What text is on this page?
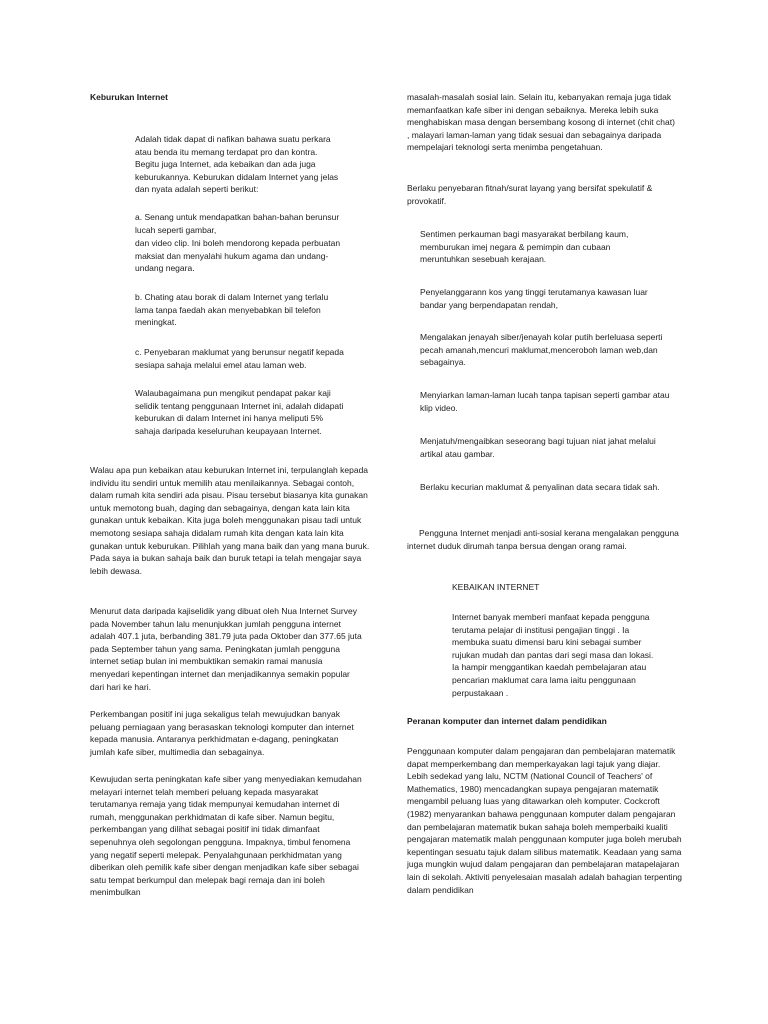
Keburukan Internet

Adalah tidak dapat di nafikan bahawa suatu perkara atau benda itu memang terdapat pro dan kontra. Begitu juga Internet, ada kebaikan dan ada juga keburukannya. Keburukan didalam Internet yang jelas dan nyata adalah seperti berikut:

a. Senang untuk mendapatkan bahan-bahan berunsur lucah seperti gambar,

dan video clip. Ini boleh mendorong kepada perbuatan maksiat dan menyalahi hukum agama dan undang-undang negara.

b. Chating atau borak di dalam Internet yang terlalu lama tanpa faedah akan menyebabkan bil telefon meningkat.

c. Penyebaran maklumat yang berunsur negatif kepada sesiapa sahaja melalui emel atau laman web.

Walaubagaimana pun mengikut pendapat pakar kaji selidik tentang penggunaan Internet ini, adalah didapati keburukan di dalam Internet ini hanya meliputi 5% sahaja daripada keseluruhan keupayaan Internet.

Walau apa pun kebaikan atau keburukan Internet ini, terpulanglah kepada individu itu sendiri untuk memilih atau menilaikannya. Sebagai contoh, dalam rumah kita sendiri ada pisau. Pisau tersebut biasanya kita gunakan untuk memotong buah, daging dan sebagainya, dengan kata lain kita gunakan untuk kebaikan. Kita juga boleh menggunakan pisau tadi untuk memotong sesiapa sahaja didalam rumah kita dengan kata lain kita gunakan untuk keburukan. Pilihlah yang mana baik dan yang mana buruk. Pada saya ia bukan sahaja baik dan buruk tetapi ia telah mengajar saya lebih dewasa.

Menurut data daripada kajiselidik yang dibuat oleh Nua Internet Survey pada November tahun lalu menunjukkan jumlah pengguna internet adalah 407.1 juta, berbanding 381.79 juta pada Oktober dan 377.65 juta pada September tahun yang sama. Peningkatan jumlah pengguna internet setiap bulan ini membuktikan semakin ramai manusia menyedari kepentingan internet dan menjadikannya semakin popular dari hari ke hari.

Perkembangan positif ini juga sekaligus telah mewujudkan banyak peluang perniagaan yang berasaskan teknologi komputer dan internet kepada manusia. Antaranya perkhidmatan e-dagang, peningkatan jumlah kafe siber, multimedia dan sebagainya.

Kewujudan serta peningkatan kafe siber yang menyediakan kemudahan melayari internet telah memberi peluang kepada masyarakat terutamanya remaja yang tidak mempunyai kemudahan internet di rumah, menggunakan perkhidmatan di kafe siber. Namun begitu, perkembangan yang dilihat sebagai positif ini tidak dimanfaat sepenuhnya oleh segolongan pengguna. Impaknya, timbul fenomena yang negatif seperti melepak. Penyalahgunaan perkhidmatan yang diberikan oleh pemilik kafe siber dengan menjadikan kafe siber sebagai satu tempat berkumpul dan melepak bagi remaja dan ini boleh menimbulkan

masalah-masalah sosial lain. Selain itu, kebanyakan remaja juga tidak memanfaatkan kafe siber ini dengan sebaiknya. Mereka lebih suka menghabiskan masa dengan bersembang kosong di internet (chit chat) , malayari laman-laman yang tidak sesuai dan sebagainya daripada mempelajari teknologi serta menimba pengetahuan.

Berlaku penyebaran fitnah/surat layang yang bersifat spekulatif & provokatif.

Sentimen perkauman bagi masyarakat berbilang kaum, memburukan imej negara & pemimpin dan cubaan meruntuhkan sesebuah kerajaan.

Penyelanggarann kos yang tinggi terutamanya kawasan luar bandar yang berpendapatan rendah,

Mengalakan jenayah siber/jenayah kolar putih berleluasa seperti pecah amanah,mencuri maklumat,menceroboh laman web,dan sebagainya.

Menyiarkan laman-laman lucah tanpa tapisan seperti gambar atau klip video.

Menjatuh/mengaibkan seseorang bagi tujuan niat jahat melalui artikal atau gambar.

Berlaku kecurian maklumat & penyalinan data secara tidak sah.

Pengguna Internet menjadi anti-sosial kerana mengalakan pengguna internet duduk dirumah tanpa bersua dengan orang ramai.

KEBAIKAN INTERNET

Internet banyak memberi manfaat kepada pengguna terutama pelajar di institusi pengajian tinggi . Ia membuka suatu dimensi baru kini sebagai sumber rujukan mudah dan pantas dari segi masa dan lokasi. Ia hampir menggantikan kaedah pembelajaran atau pencarian maklumat cara lama iaitu penggunaan perpustakaan .

Peranan komputer dan internet dalam pendidikan

Penggunaan komputer dalam pengajaran dan pembelajaran matematik dapat memperkembang dan memperkayakan lagi tajuk yang diajar. Lebih sedekad yang lalu, NCTM (National Council of Teachers' of Mathematics, 1980) mencadangkan supaya pengajaran matematik mengambil peluang luas yang ditawarkan oleh komputer. Cockcroft (1982) menyarankan bahawa penggunaan komputer dalam pengajaran dan pembelajaran matematik bukan sahaja boleh memperbaiki kualiti pengajaran matematik malah penggunaan komputer juga boleh merubah kepentingan sesuatu tajuk dalam silibus matematik. Keadaan yang sama juga mungkin wujud dalam pengajaran dan pembelajaran matapelajaran lain di sekolah. Aktiviti penyelesaian masalah adalah bahagian terpenting dalam pendidikan
